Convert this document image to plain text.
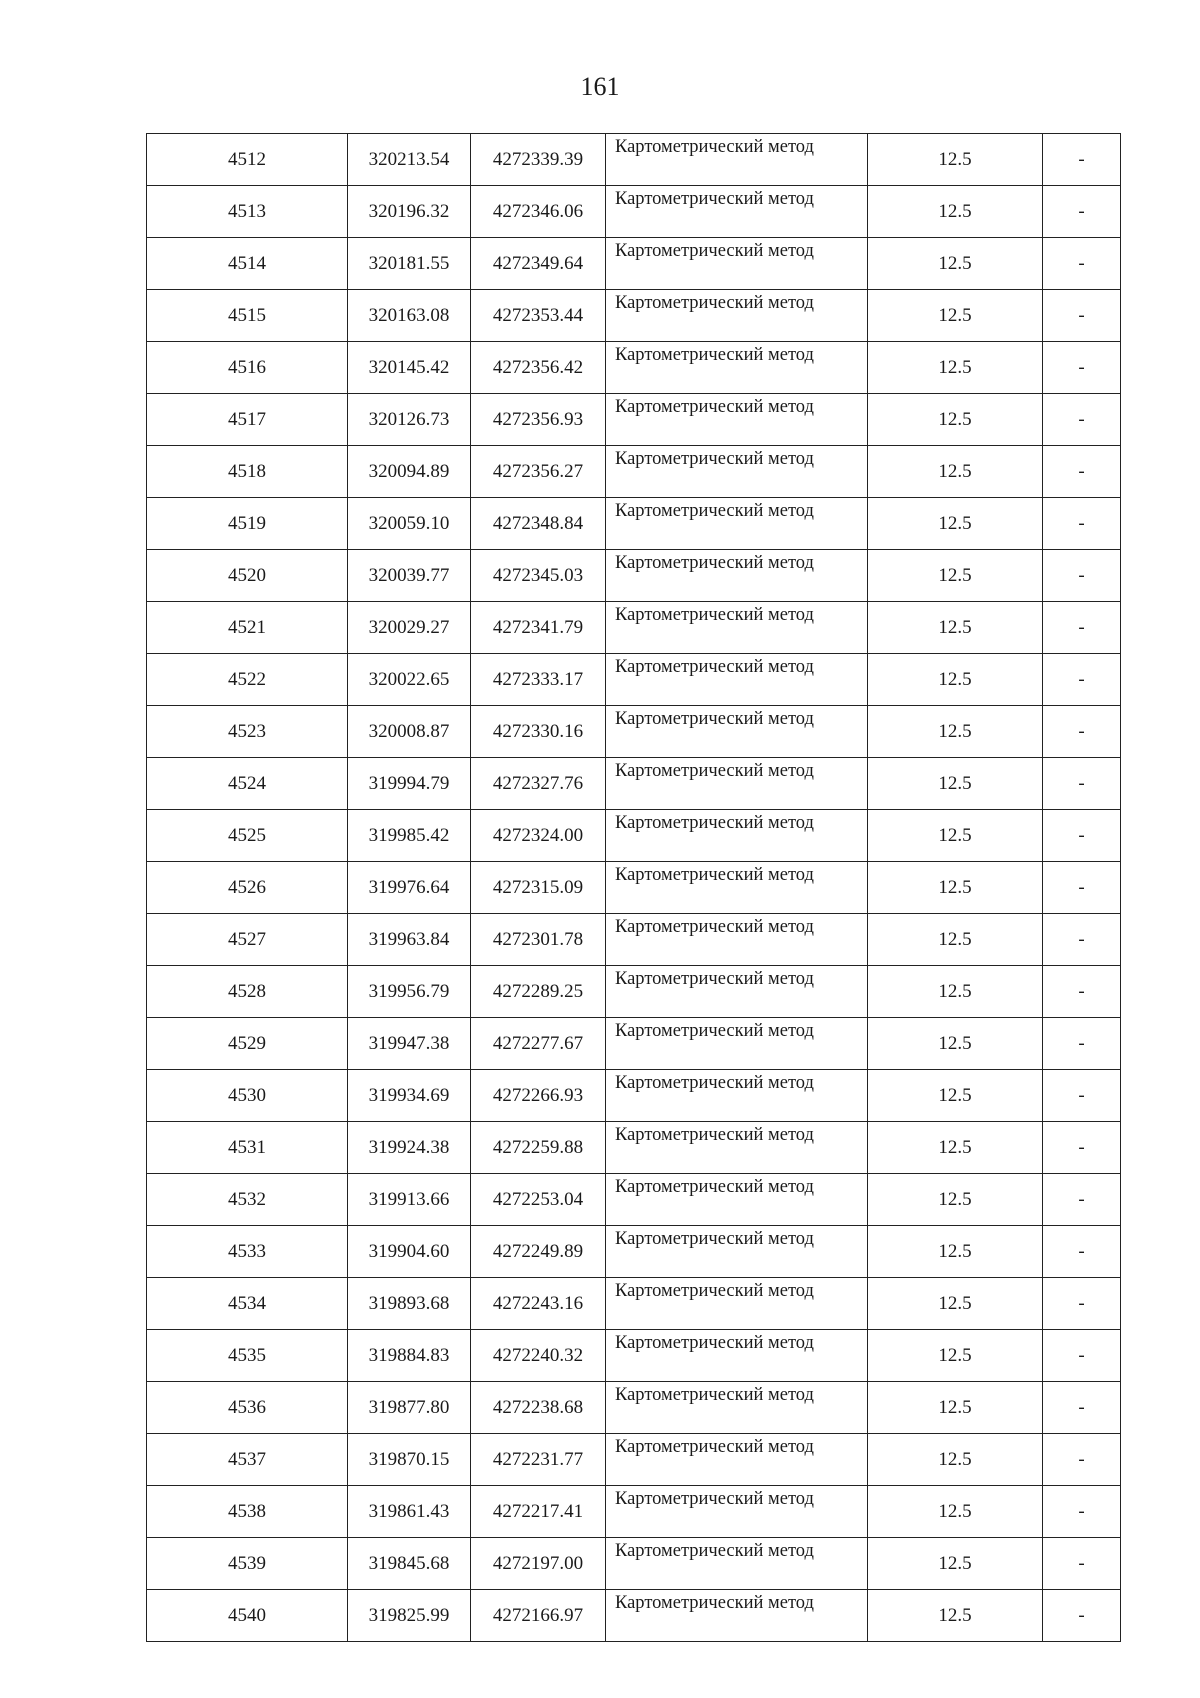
161
4512	320213.54	4272339.39	Картометрический метод	12.5	-
4513	320196.32	4272346.06	Картометрический метод	12.5	-
4514	320181.55	4272349.64	Картометрический метод	12.5	-
4515	320163.08	4272353.44	Картометрический метод	12.5	-
4516	320145.42	4272356.42	Картометрический метод	12.5	-
4517	320126.73	4272356.93	Картометрический метод	12.5	-
4518	320094.89	4272356.27	Картометрический метод	12.5	-
4519	320059.10	4272348.84	Картометрический метод	12.5	-
4520	320039.77	4272345.03	Картометрический метод	12.5	-
4521	320029.27	4272341.79	Картометрический метод	12.5	-
4522	320022.65	4272333.17	Картометрический метод	12.5	-
4523	320008.87	4272330.16	Картометрический метод	12.5	-
4524	319994.79	4272327.76	Картометрический метод	12.5	-
4525	319985.42	4272324.00	Картометрический метод	12.5	-
4526	319976.64	4272315.09	Картометрический метод	12.5	-
4527	319963.84	4272301.78	Картометрический метод	12.5	-
4528	319956.79	4272289.25	Картометрический метод	12.5	-
4529	319947.38	4272277.67	Картометрический метод	12.5	-
4530	319934.69	4272266.93	Картометрический метод	12.5	-
4531	319924.38	4272259.88	Картометрический метод	12.5	-
4532	319913.66	4272253.04	Картометрический метод	12.5	-
4533	319904.60	4272249.89	Картометрический метод	12.5	-
4534	319893.68	4272243.16	Картометрический метод	12.5	-
4535	319884.83	4272240.32	Картометрический метод	12.5	-
4536	319877.80	4272238.68	Картометрический метод	12.5	-
4537	319870.15	4272231.77	Картометрический метод	12.5	-
4538	319861.43	4272217.41	Картометрический метод	12.5	-
4539	319845.68	4272197.00	Картометрический метод	12.5	-
4540	319825.99	4272166.97	Картометрический метод	12.5	-
